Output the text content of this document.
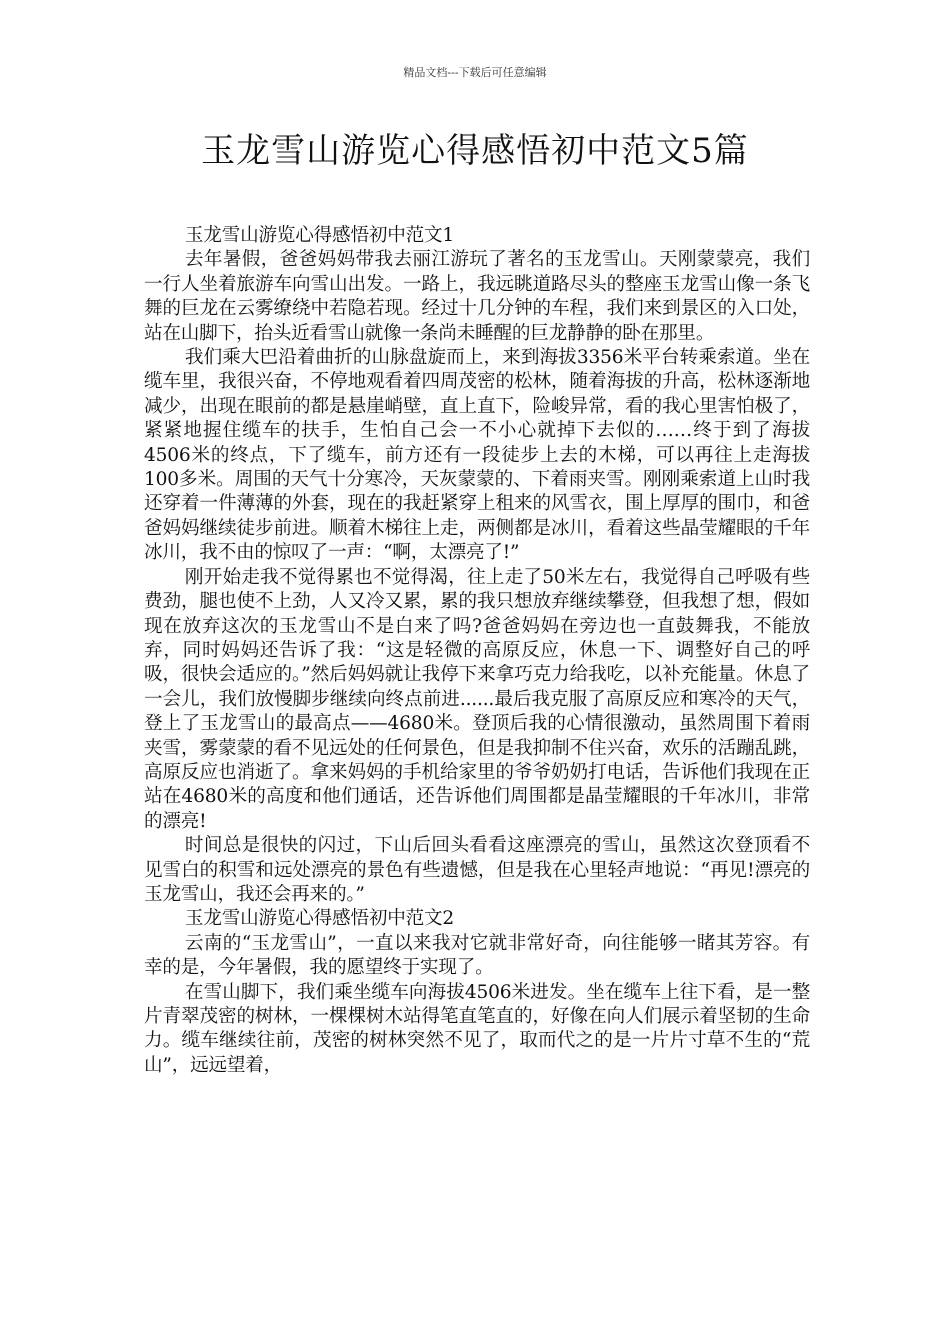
精品文档---下载后可任意编辑
玉龙雪山游览心得感悟初中范文5篇

玉龙雪山游览心得感悟初中范文1

去年暑假，爸爸妈妈带我去丽江游玩了著名的玉龙雪山。天刚蒙蒙亮，我们一行人坐着旅游车向雪山出发。一路上，我远眺道路尽头的整座玉龙雪山像一条飞舞的巨龙在云雾缭绕中若隐若现。经过十几分钟的车程，我们来到景区的入口处，站在山脚下，抬头近看雪山就像一条尚未睡醒的巨龙静静的卧在那里。

我们乘大巴沿着曲折的山脉盘旋而上，来到海拔3356米平台转乘索道。坐在缆车里，我很兴奋，不停地观看着四周茂密的松林，随着海拔的升高，松林逐渐地减少，出现在眼前的都是悬崖峭壁，直上直下，险峻异常，看的我心里害怕极了，紧紧地握住缆车的扶手，生怕自己会一不小心就掉下去似的……终于到了海拔4506米的终点，下了缆车，前方还有一段徒步上去的木梯，可以再往上走海拔100多米。周围的天气十分寒冷，天灰蒙蒙的、下着雨夹雪。刚刚乘索道上山时我还穿着一件薄薄的外套，现在的我赶紧穿上租来的风雪衣，围上厚厚的围巾，和爸爸妈妈继续徒步前进。顺着木梯往上走，两侧都是冰川，看着这些晶莹耀眼的千年冰川，我不由的惊叹了一声：“啊，太漂亮了!”

刚开始走我不觉得累也不觉得渴，往上走了50米左右，我觉得自己呼吸有些费劲，腿也使不上劲，人又冷又累，累的我只想放弃继续攀登，但我想了想，假如现在放弃这次的玉龙雪山不是白来了吗?爸爸妈妈在旁边也一直鼓舞我，不能放弃，同时妈妈还告诉了我：“这是轻微的高原反应，休息一下、调整好自己的呼吸，很快会适应的。”然后妈妈就让我停下来拿巧克力给我吃，以补充能量。休息了一会儿，我们放慢脚步继续向终点前进......最后我克服了高原反应和寒冷的天气，登上了玉龙雪山的最高点——4680米。登顶后我的心情很激动，虽然周围下着雨夹雪，雾蒙蒙的看不见远处的任何景色，但是我抑制不住兴奋，欢乐的活蹦乱跳，高原反应也消逝了。拿来妈妈的手机给家里的爷爷奶奶打电话，告诉他们我现在正站在4680米的高度和他们通话，还告诉他们周围都是晶莹耀眼的千年冰川，非常的漂亮!

时间总是很快的闪过，下山后回头看看这座漂亮的雪山，虽然这次登顶看不见雪白的积雪和远处漂亮的景色有些遗憾，但是我在心里轻声地说：“再见!漂亮的玉龙雪山，我还会再来的。”

玉龙雪山游览心得感悟初中范文2

云南的“玉龙雪山”，一直以来我对它就非常好奇，向往能够一睹其芳容。有幸的是，今年暑假，我的愿望终于实现了。

在雪山脚下，我们乘坐缆车向海拔4506米进发。坐在缆车上往下看，是一整片青翠茂密的树林，一棵棵树木站得笔直笔直的，好像在向人们展示着坚韧的生命力。缆车继续往前，茂密的树林突然不见了，取而代之的是一片片寸草不生的“荒山”，远远望着，
